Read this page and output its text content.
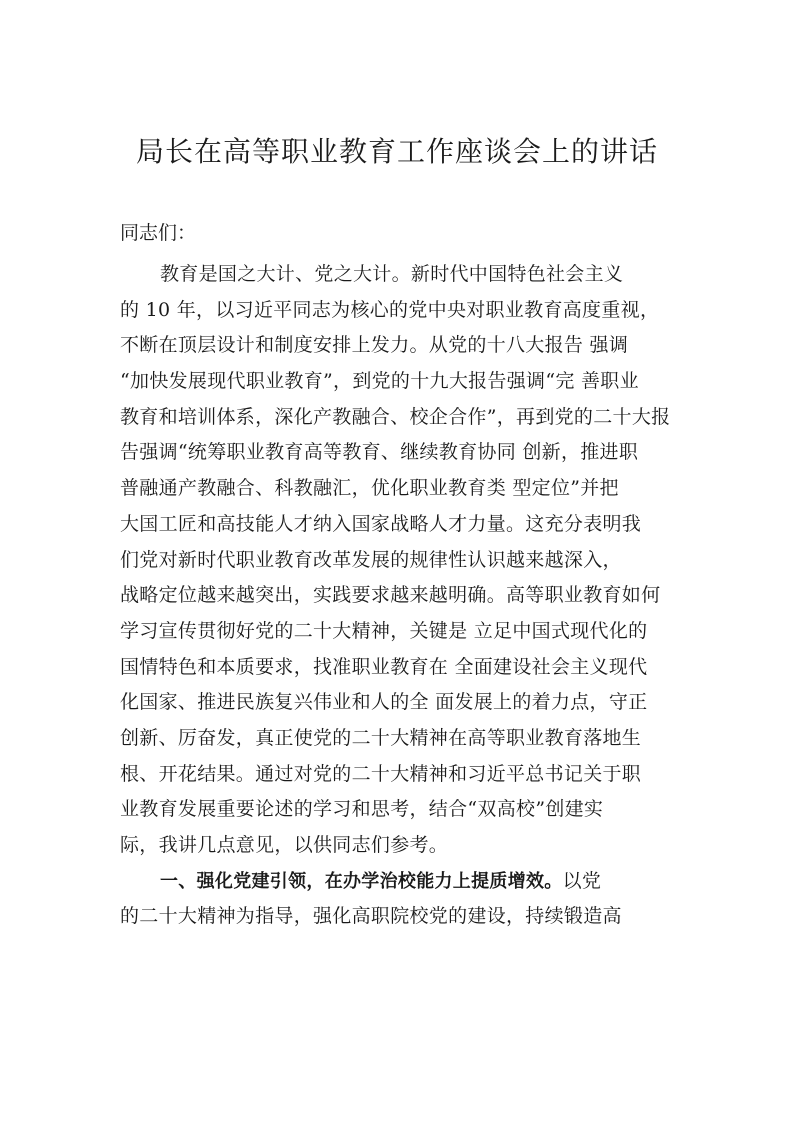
局长在高等职业教育工作座谈会上的讲话
同志们：
教育是国之大计、党之大计。新时代中国特色社会主义
的 10 年，以习近平同志为核心的党中央对职业教育高度重视，
不断在顶层设计和制度安排上发力。从党的十八大报告 强调
“加快发展现代职业教育”，到党的十九大报告强调“完 善职业
教育和培训体系，深化产教融合、校企合作”，再到党的二十大报
告强调“统筹职业教育高等教育、继续教育协同 创新，推进职
普融通产教融合、科教融汇，优化职业教育类 型定位”并把
大国工匠和高技能人才纳入国家战略人才力量。这充分表明我
们党对新时代职业教育改革发展的规律性认识越来越深入，
战略定位越来越突出，实践要求越来越明确。高等职业教育如何
学习宣传贯彻好党的二十大精神，关键是 立足中国式现代化的
国情特色和本质要求，找准职业教育在 全面建设社会主义现代
化国家、推进民族复兴伟业和人的全 面发展上的着力点，守正
创新、厉奋发，真正使党的二十大精神在高等职业教育落地生
根、开花结果。通过对党的二十大精神和习近平总书记关于职
业教育发展重要论述的学习和思考，结合“双高校”创建实
际，我讲几点意见，以供同志们参考。
一、强化党建引领，在办学治校能力上提质增效。以党
的二十大精神为指导，强化高职院校党的建设，持续锻造高
